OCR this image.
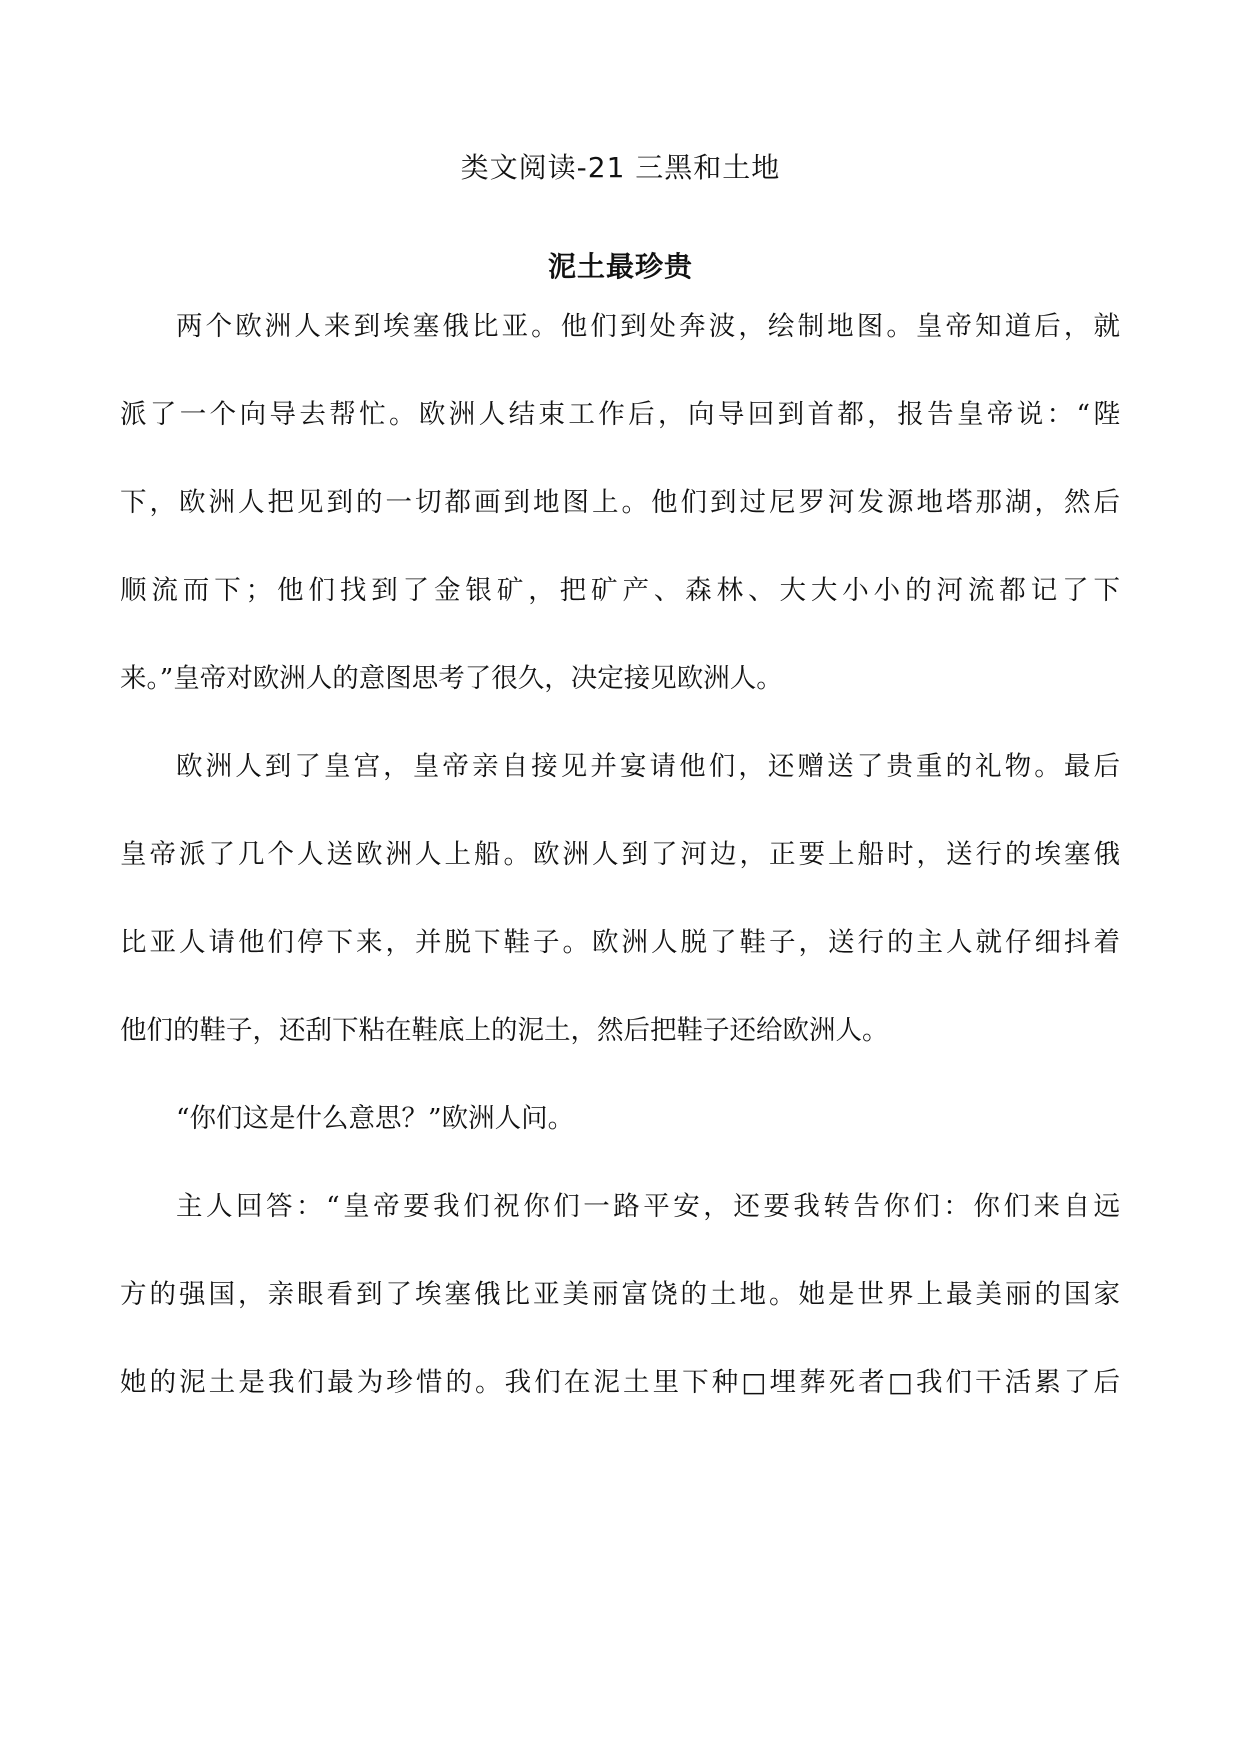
类文阅读-21 三黑和土地
泥土最珍贵
两个欧洲人来到埃塞俄比亚。他们到处奔波，绘制地图。皇帝知道后，就
派了一个向导去帮忙。欧洲人结束工作后，向导回到首都，报告皇帝说：“陛
下，欧洲人把见到的一切都画到地图上。他们到过尼罗河发源地塔那湖，然后
顺流而下；他们找到了金银矿，把矿产、森林、大大小小的河流都记了下
来。”皇帝对欧洲人的意图思考了很久，决定接见欧洲人。
欧洲人到了皇宫，皇帝亲自接见并宴请他们，还赠送了贵重的礼物。最后
皇帝派了几个人送欧洲人上船。欧洲人到了河边，正要上船时，送行的埃塞俄
比亚人请他们停下来，并脱下鞋子。欧洲人脱了鞋子，送行的主人就仔细抖着
他们的鞋子，还刮下粘在鞋底上的泥土，然后把鞋子还给欧洲人。
“你们这是什么意思？”欧洲人问。
主人回答：“皇帝要我们祝你们一路平安，还要我转告你们：你们来自远
方的强国，亲眼看到了埃塞俄比亚美丽富饶的土地。她是世界上最美丽的国家
她的泥土是我们最为珍惜的。我们在泥土里下种□埋葬死者□我们干活累了后
